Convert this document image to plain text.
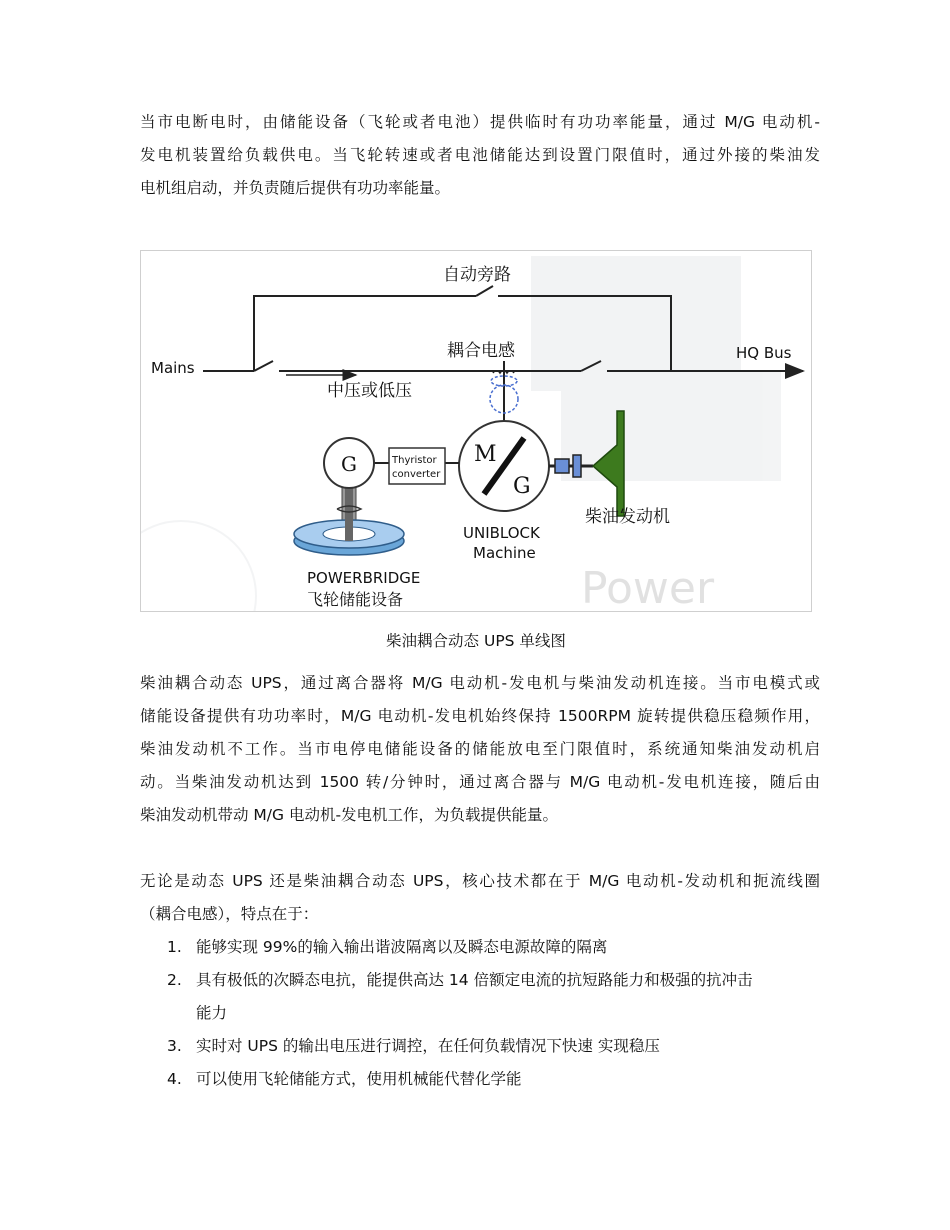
当市电断电时，由储能设备（飞轮或者电池）提供临时有功功率能量，通过 M/G 电动机-
发电机装置给负载供电。当飞轮转速或者电池储能达到设置门限值时，通过外接的柴油发
电机组启动，并负责随后提供有功功率能量。
Power
自动旁路
Mains
HQ Bus
中压或低压
耦合电感
M
G
UNIBLOCK
Machine
柴油发动机
Thyristor
converter
G
POWERBRIDGE
飞轮储能设备
柴油耦合动态 UPS 单线图
柴油耦合动态 UPS，通过离合器将 M/G 电动机-发电机与柴油发动机连接。当市电模式或
储能设备提供有功功率时，M/G 电动机-发电机始终保持 1500RPM 旋转提供稳压稳频作用，
柴油发动机不工作。当市电停电储能设备的储能放电至门限值时，系统通知柴油发动机启
动。当柴油发动机达到 1500 转/分钟时，通过离合器与 M/G 电动机-发电机连接，随后由
柴油发动机带动 M/G 电动机-发电机工作，为负载提供能量。
无论是动态 UPS 还是柴油耦合动态 UPS，核心技术都在于 M/G 电动机-发动机和扼流线圈
（耦合电感），特点在于：
1. 能够实现 99%的输入输出谐波隔离以及瞬态电源故障的隔离
2. 具有极低的次瞬态电抗，能提供高达 14 倍额定电流的抗短路能力和极强的抗冲击
能力
3. 实时对 UPS 的输出电压进行调控，在任何负载情况下快速 实现稳压
4. 可以使用飞轮储能方式，使用机械能代替化学能
